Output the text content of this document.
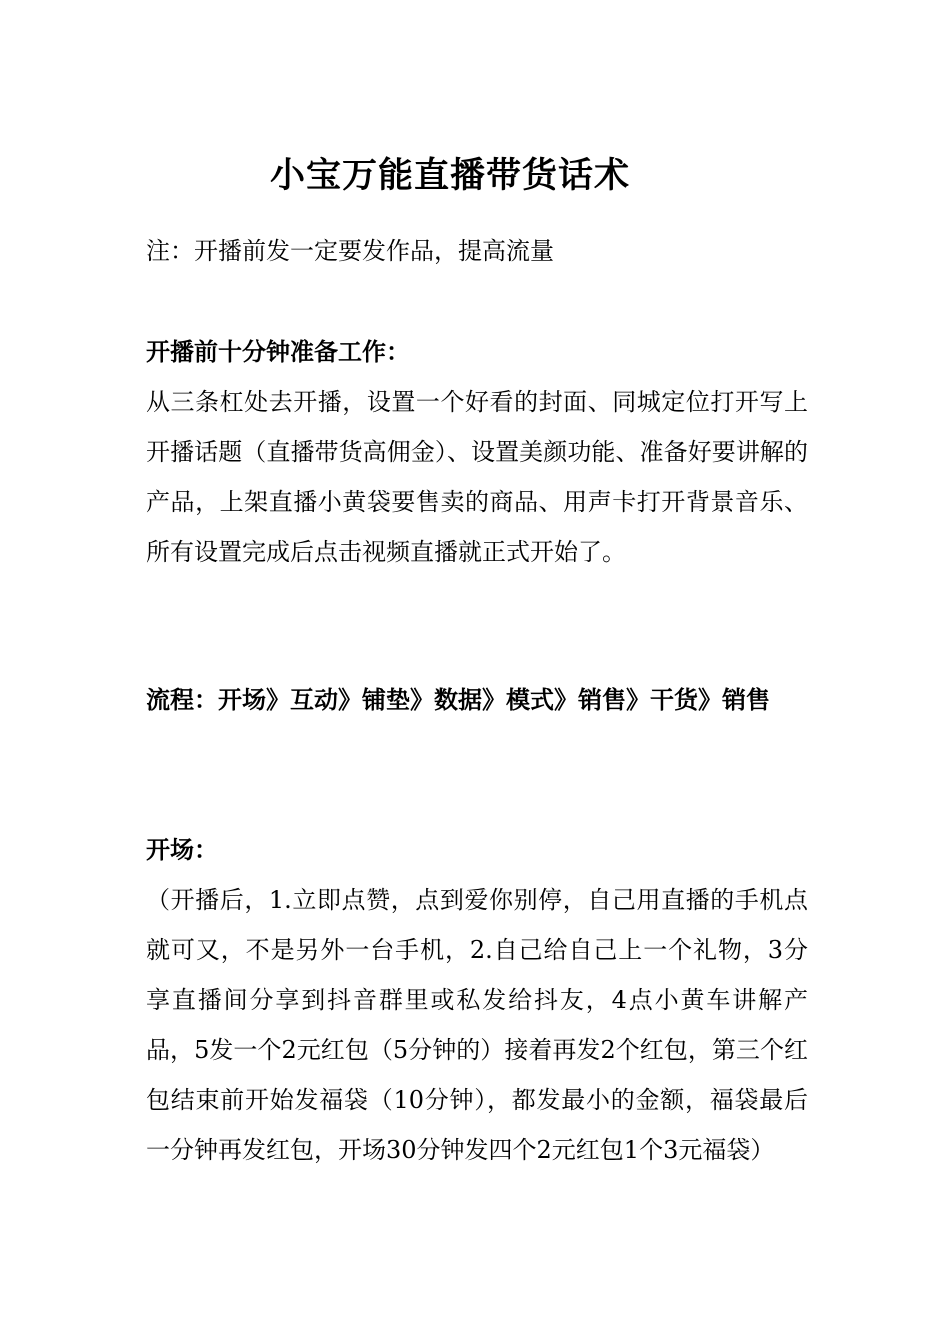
小宝万能直播带货话术

注：开播前发一定要发作品，提高流量

开播前十分钟准备工作：

从三条杠处去开播，设置一个好看的封面、同城定位打开写上开播话题（直播带货高佣金）、设置美颜功能、准备好要讲解的产品，上架直播小黄袋要售卖的商品、用声卡打开背景音乐、所有设置完成后点击视频直播就正式开始了。

流程：开场》互动》铺垫》数据》模式》销售》干货》销售

开场：

（开播后，1.立即点赞，点到爱你别停，自己用直播的手机点就可又，不是另外一台手机，2.自己给自己上一个礼物，3分享直播间分享到抖音群里或私发给抖友，4点小黄车讲解产品，5发一个2元红包（5分钟的）接着再发2个红包，第三个红包结束前开始发福袋（10分钟），都发最小的金额，福袋最后一分钟再发红包，开场30分钟发四个2元红包1个3元福袋）
